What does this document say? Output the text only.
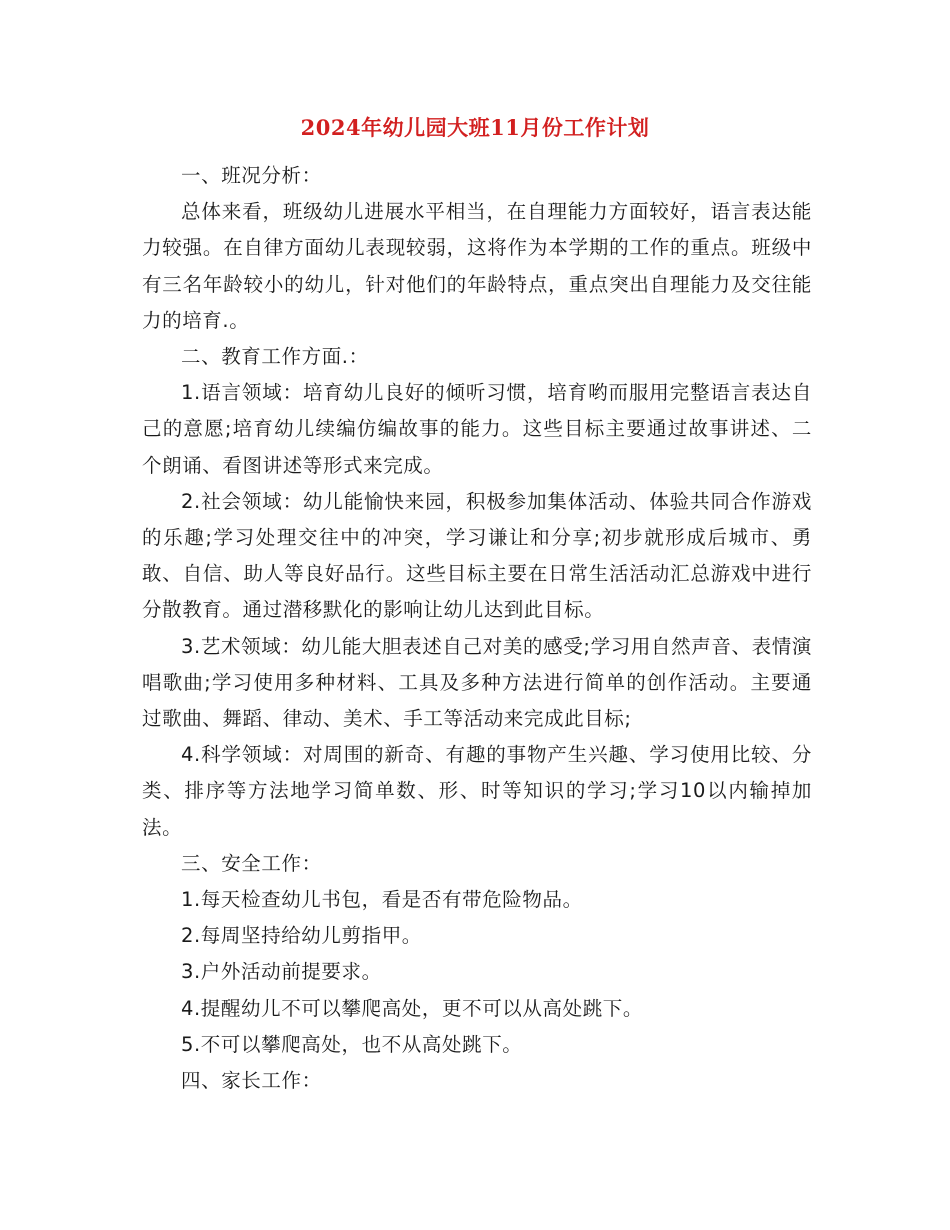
2024年幼儿园大班11月份工作计划

一、班况分析：

总体来看，班级幼儿进展水平相当，在自理能力方面较好，语言表达能力较强。在自律方面幼儿表现较弱，这将作为本学期的工作的重点。班级中有三名年龄较小的幼儿，针对他们的年龄特点，重点突出自理能力及交往能力的培育.。

二、教育工作方面.：

1.语言领域：培育幼儿良好的倾听习惯，培育哟而服用完整语言表达自己的意愿;培育幼儿续编仿编故事的能力。这些目标主要通过故事讲述、二个朗诵、看图讲述等形式来完成。

2.社会领域：幼儿能愉快来园，积极参加集体活动、体验共同合作游戏的乐趣;学习处理交往中的冲突，学习谦让和分享;初步就形成后城市、勇敢、自信、助人等良好品行。这些目标主要在日常生活活动汇总游戏中进行分散教育。通过潜移默化的影响让幼儿达到此目标。

3.艺术领域：幼儿能大胆表述自己对美的感受;学习用自然声音、表情演唱歌曲;学习使用多种材料、工具及多种方法进行简单的创作活动。主要通过歌曲、舞蹈、律动、美术、手工等活动来完成此目标;

4.科学领域：对周围的新奇、有趣的事物产生兴趣、学习使用比较、分类、排序等方法地学习简单数、形、时等知识的学习;学习10以内输掉加法。

三、安全工作：

1.每天检查幼儿书包，看是否有带危险物品。

2.每周坚持给幼儿剪指甲。

3.户外活动前提要求。

4.提醒幼儿不可以攀爬高处，更不可以从高处跳下。

5.不可以攀爬高处，也不从高处跳下。

四、家长工作：
